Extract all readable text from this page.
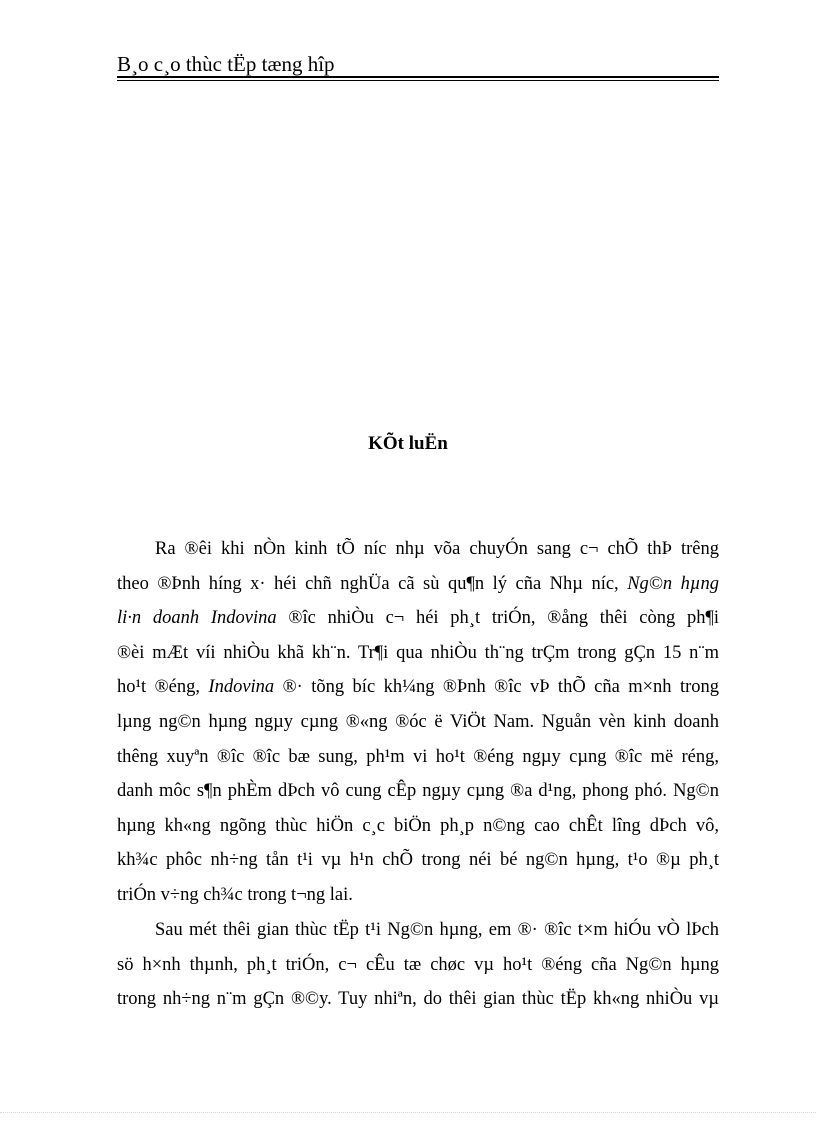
B¸o c¸o thùc tËp tæng hîp
KÕt luËn
Ra ®êi khi nÒn kinh tÕ níc nhµ võa chuyÓn sang c¬ chÕ thÞ trêng
theo ®Þnh híng x· héi chñ nghÜa cã sù qu¶n lý cña Nhµ níc, Ng©n hµng
li·n doanh Indovina ®îc nhiÒu c¬ héi ph¸t triÓn, ®ång thêi còng ph¶i
®èi mÆt víi nhiÒu khã kh¨n. Tr¶i qua nhiÒu th¨ng trÇm trong gÇn 15 n¨m
ho¹t ®éng, Indovina ®· tõng bíc kh¼ng ®Þnh ®îc vÞ thÕ cña m×nh trong
lµng ng©n hµng ngµy cµng ®«ng ®óc ë ViÖt Nam. Nguån vèn kinh doanh
thêng xuyªn ®îc ®îc bæ sung, ph¹m vi ho¹t ®éng ngµy cµng ®îc më réng,
danh môc s¶n phÈm dÞch vô cung cÊp ngµy cµng ®a d¹ng, phong phó. Ng©n
hµng kh«ng ngõng thùc hiÖn c¸c biÖn ph¸p n©ng cao chÊt lîng dÞch vô,
kh¾c phôc nh÷ng tån t¹i vµ h¹n chÕ trong néi bé ng©n hµng, t¹o ®µ ph¸t
triÓn v÷ng ch¾c trong t¬ng lai.
Sau mét thêi gian thùc tËp t¹i Ng©n hµng, em ®· ®îc t×m hiÓu vÒ lÞch
sö h×nh thµnh, ph¸t triÓn, c¬ cÊu tæ chøc vµ ho¹t ®éng cña Ng©n hµng
trong nh÷ng n¨m gÇn ®©y. Tuy nhiªn, do thêi gian thùc tËp kh«ng nhiÒu vµ
